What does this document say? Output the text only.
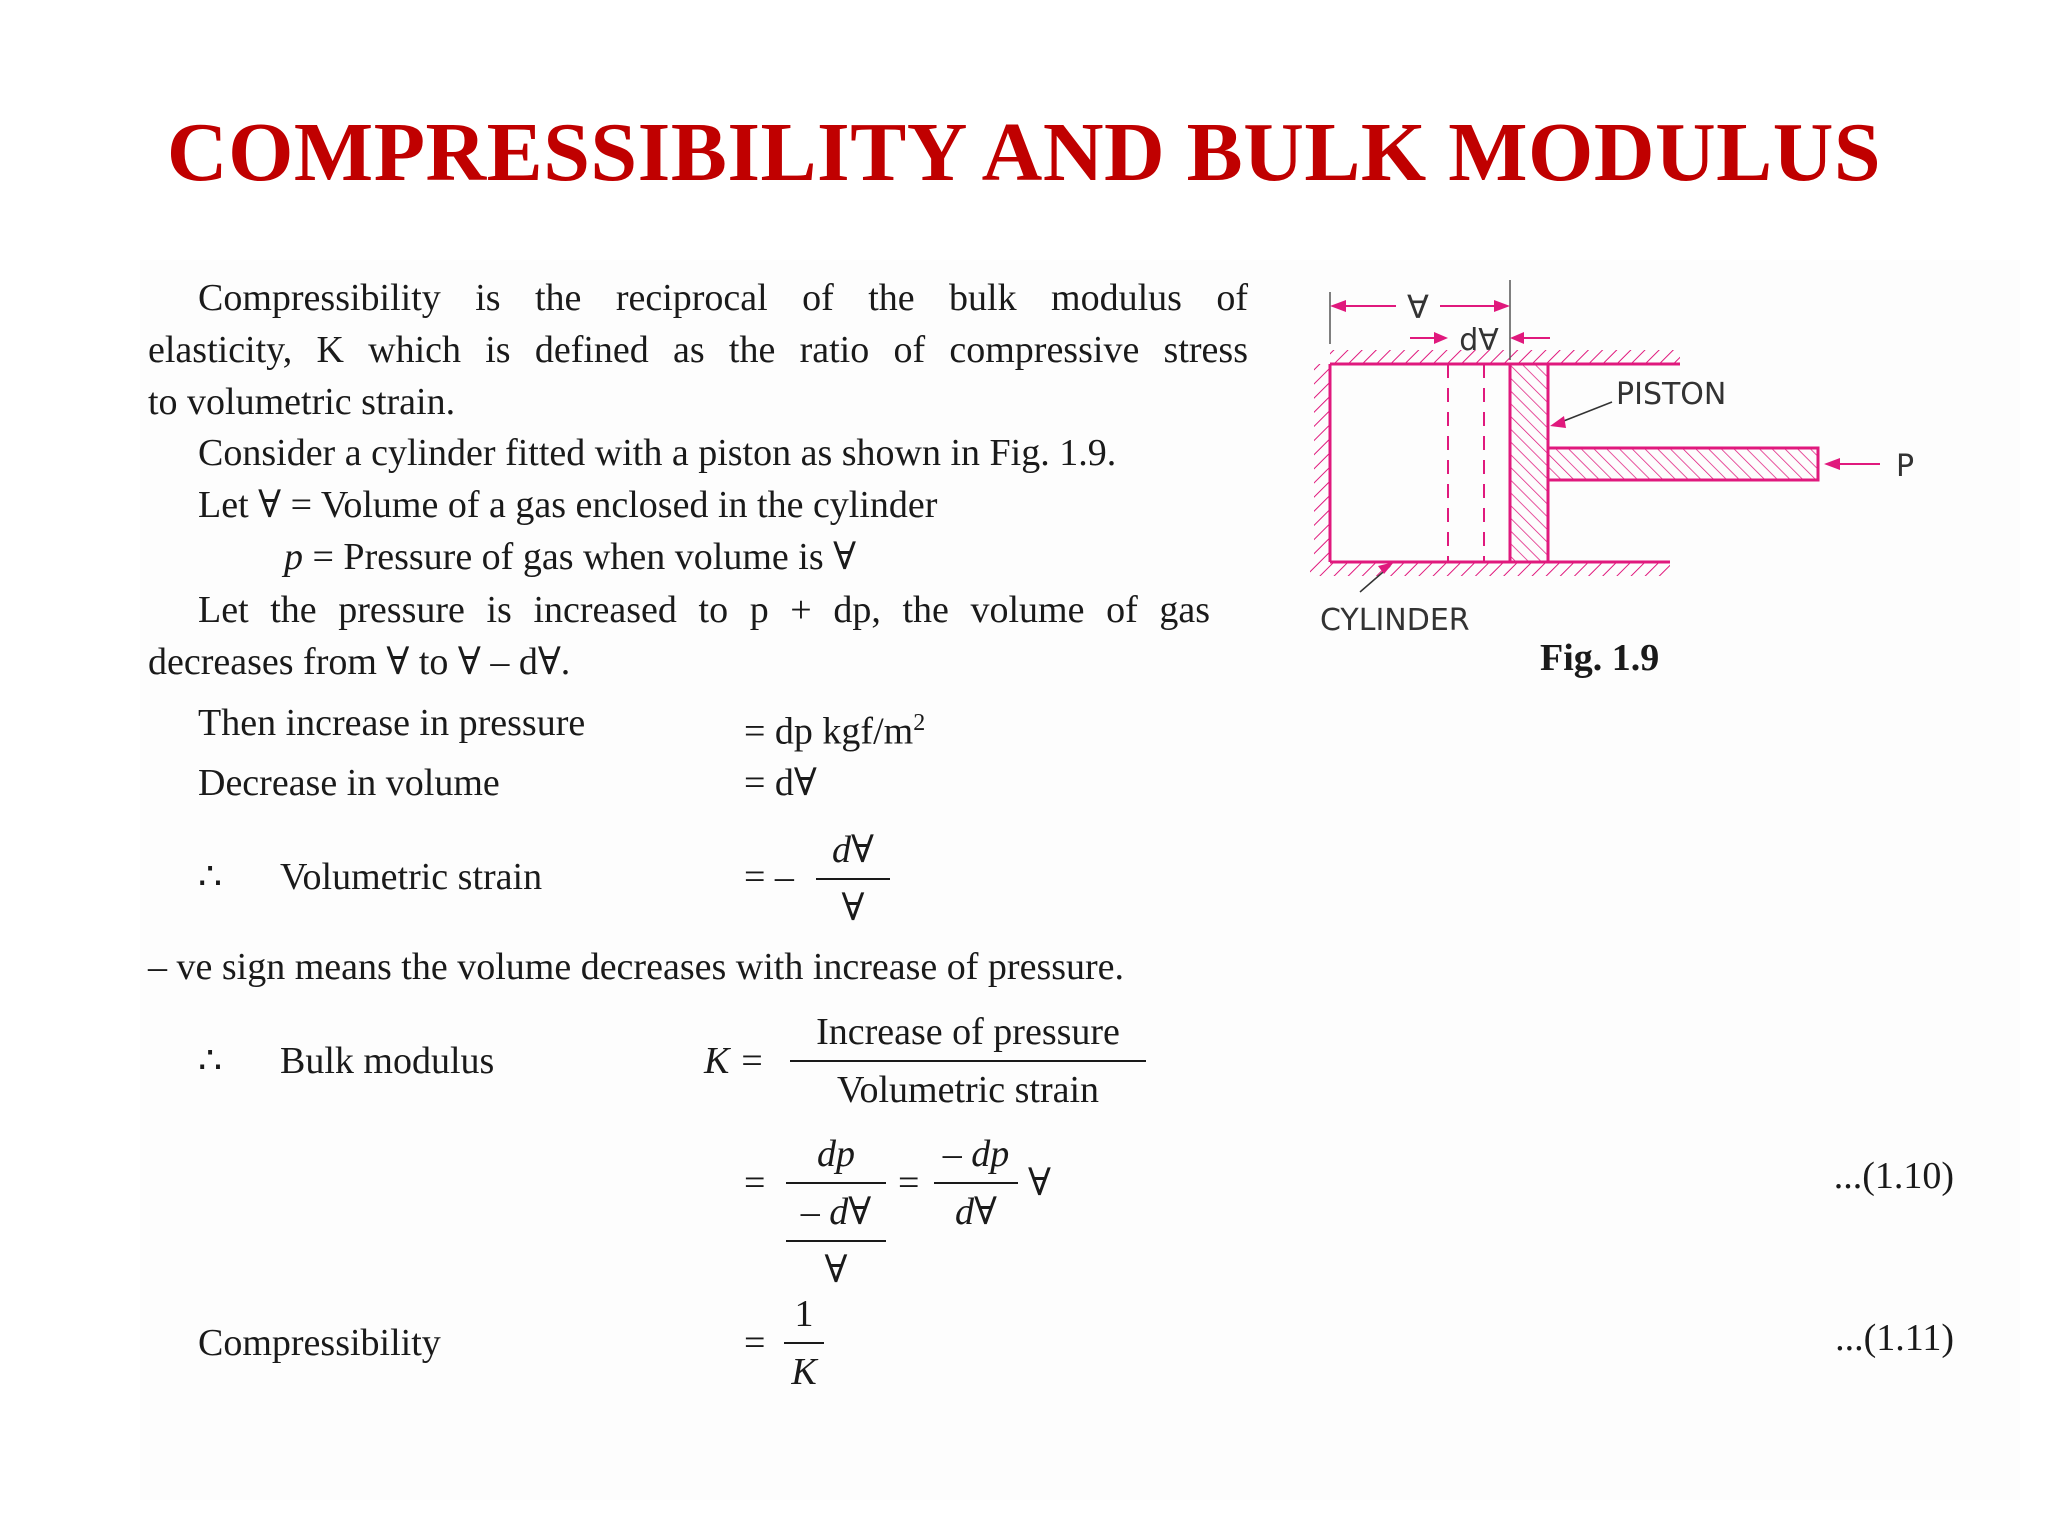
COMPRESSIBILITY AND BULK MODULUS
Compressibility is the reciprocal of the bulk modulus of
elasticity, K which is defined as the ratio of compressive stress
to volumetric strain.
Consider a cylinder fitted with a piston as shown in Fig. 1.9.
Let ∀ = Volume of a gas enclosed in the cylinder
p = Pressure of gas when volume is ∀
Let the pressure is increased to p + dp, the volume of gas
decreases from ∀ to ∀ – d∀.
Then increase in pressure	= dp kgf/$m^2$
Decrease in volume	= d∀
∴ Volumetric strain	= –
d∀
∀
– ve sign means the volume decreases with increase of pressure.
∴ Bulk modulus	K =
Increase of pressure
Volumetric strain
=
dp
– d∀
∀
=
– dp
d∀
∀	...(1.10)
Compressibility	=
1
K
...(1.11)
∀
d∀
PISTON
P
CYLINDER
Fig. 1.9
